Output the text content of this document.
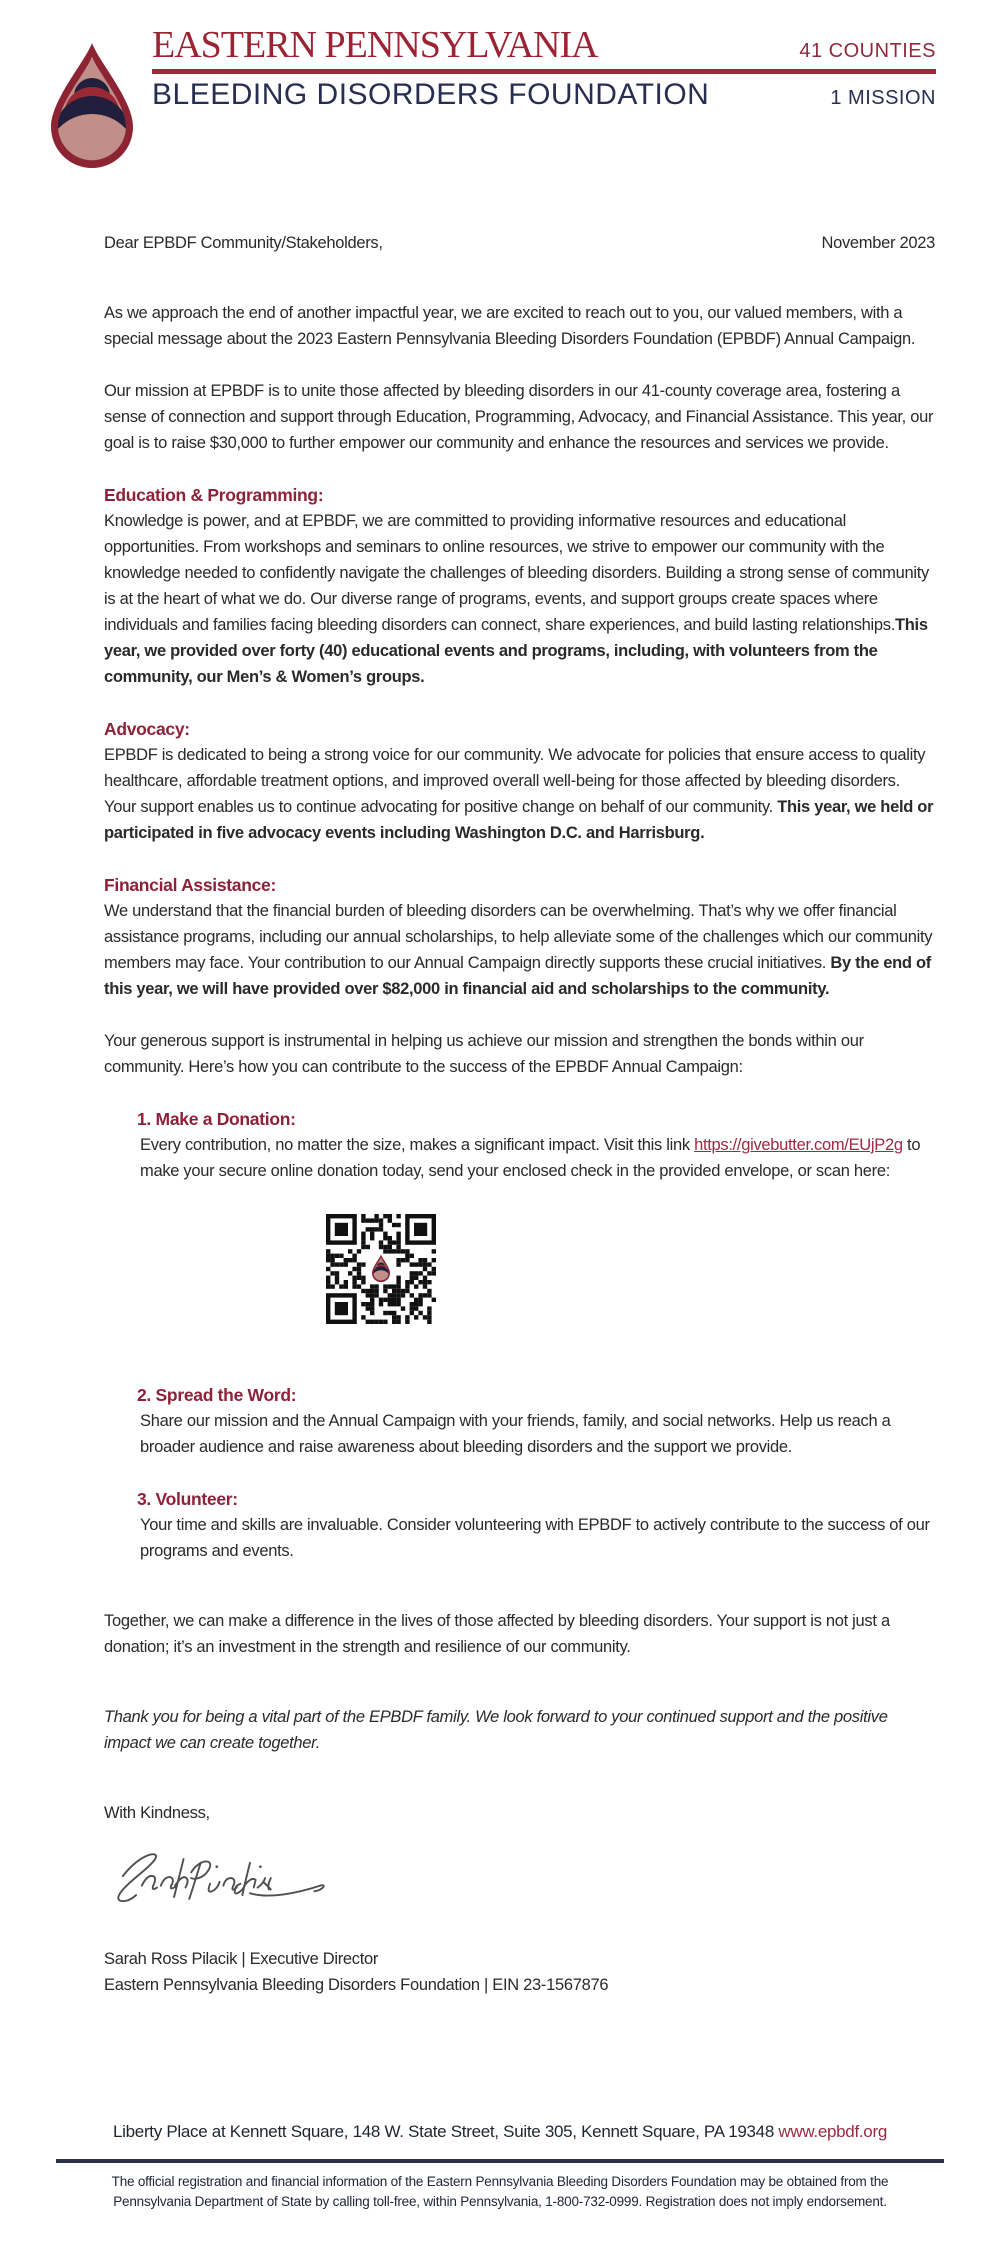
EASTERN PENNSYLVANIA	41 COUNTIES
BLEEDING DISORDERS FOUNDATION	1 MISSION

Dear EPBDF Community/Stakeholders,	November 2023

As we approach the end of another impactful year, we are excited to reach out to you, our valued members, with a special message about the 2023 Eastern Pennsylvania Bleeding Disorders Foundation (EPBDF) Annual Campaign.

Our mission at EPBDF is to unite those affected by bleeding disorders in our 41-county coverage area, fostering a sense of connection and support through Education, Programming, Advocacy, and Financial Assistance. This year, our goal is to raise $30,000 to further empower our community and enhance the resources and services we provide.

Education & Programming:

Knowledge is power, and at EPBDF, we are committed to providing informative resources and educational opportunities. From workshops and seminars to online resources, we strive to empower our community with the knowledge needed to confidently navigate the challenges of bleeding disorders. Building a strong sense of community is at the heart of what we do. Our diverse range of programs, events, and support groups create spaces where individuals and families facing bleeding disorders can connect, share experiences, and build lasting relationships.This year, we provided over forty (40) educational events and programs, including, with volunteers from the community, our Men’s & Women’s groups.

Advocacy:

EPBDF is dedicated to being a strong voice for our community. We advocate for policies that ensure access to quality healthcare, affordable treatment options, and improved overall well-being for those affected by bleeding disorders. Your support enables us to continue advocating for positive change on behalf of our community. This year, we held or participated in five advocacy events including Washington D.C. and Harrisburg.

Financial Assistance:

We understand that the financial burden of bleeding disorders can be overwhelming. That’s why we offer financial assistance programs, including our annual scholarships, to help alleviate some of the challenges which our community members may face. Your contribution to our Annual Campaign directly supports these crucial initiatives. By the end of this year, we will have provided over $82,000 in financial aid and scholarships to the community.

Your generous support is instrumental in helping us achieve our mission and strengthen the bonds within our community. Here’s how you can contribute to the success of the EPBDF Annual Campaign:

1. Make a Donation:

Every contribution, no matter the size, makes a significant impact. Visit this link https://givebutter.com/EUjP2g to make your secure online donation today, send your enclosed check in the provided envelope, or scan here:

2. Spread the Word:

Share our mission and the Annual Campaign with your friends, family, and social networks. Help us reach a broader audience and raise awareness about bleeding disorders and the support we provide.

3. Volunteer:

Your time and skills are invaluable. Consider volunteering with EPBDF to actively contribute to the success of our programs and events.

Together, we can make a difference in the lives of those affected by bleeding disorders. Your support is not just a donation; it’s an investment in the strength and resilience of our community.

Thank you for being a vital part of the EPBDF family. We look forward to your continued support and the positive impact we can create together.

With Kindness,

Sarah Ross Pilacik | Executive Director

Eastern Pennsylvania Bleeding Disorders Foundation | EIN 23-1567876

Liberty Place at Kennett Square, 148 W. State Street, Suite 305, Kennett Square, PA 19348 www.epbdf.org

The official registration and financial information of the Eastern Pennsylvania Bleeding Disorders Foundation may be obtained from the

Pennsylvania Department of State by calling toll-free, within Pennsylvania, 1-800-732-0999. Registration does not imply endorsement.
